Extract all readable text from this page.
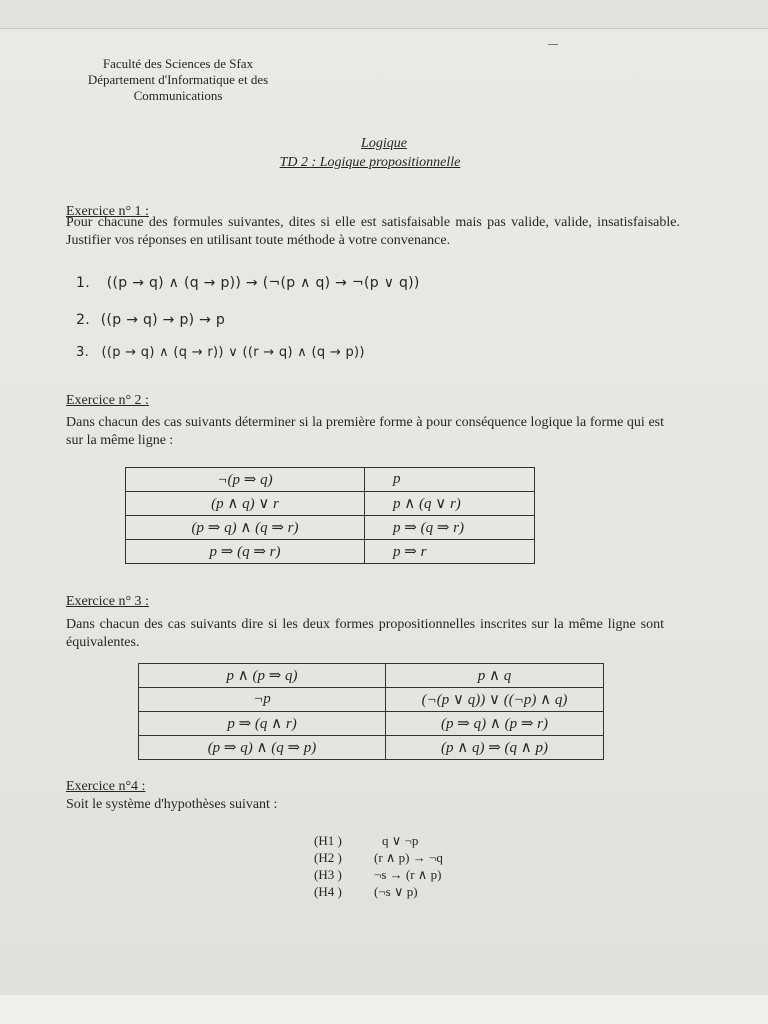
Faculté des Sciences de Sfax
Département d'Informatique et des
Communications
Logique
TD 2 : Logique propositionnelle
Exercice n° 1 :
Pour chacune des formules suivantes, dites si elle est satisfaisable mais pas valide, valide, insatisfaisable. Justifier vos réponses en utilisant toute méthode à votre convenance.
1. ((p → q) ∧ (q → p)) → (¬(p ∧ q) → ¬(p ∨ q))
2. ((p → q) → p) → p
3. ((p → q) ∧ (q → r)) ∨ ((r → q) ∧ (q → p))
Exercice n° 2 :
Dans chacun des cas suivants déterminer si la première forme à pour conséquence logique la forme qui est sur la même ligne :
¬(p ⇒ q)	p
(p ∧ q) ∨ r	p ∧ (q ∨ r)
(p ⇒ q) ∧ (q ⇒ r)	p ⇒ (q ⇒ r)
p ⇒ (q ⇒ r)	p ⇒ r
Exercice n° 3 :
Dans chacun des cas suivants dire si les deux formes propositionnelles inscrites sur la même ligne sont équivalentes.
p ∧ (p ⇒ q)	p ∧ q
¬p	(¬(p ∨ q)) ∨ ((¬p) ∧ q)
p ⇒ (q ∧ r)	(p ⇒ q) ∧ (p ⇒ r)
(p ⇒ q) ∧ (q ⇒ p)	(p ∧ q) ⇒ (q ∧ p)
Exercice n°4 :
Soit le système d'hypothèses suivant :
(H1 )	q ∨ ¬p
(H2 )	(r ∧ p) → ¬q
(H3 )	¬s → (r ∧ p)
(H4 )	(¬s ∨ p)
